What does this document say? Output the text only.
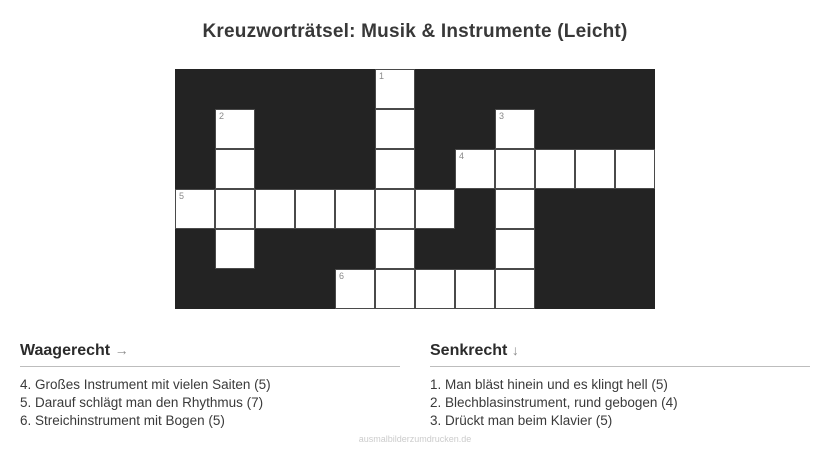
Kreuzworträtsel: Musik & Instrumente (Leicht)
1
2	3
4
5
6
Waagerecht →
4. Großes Instrument mit vielen Saiten (5)
5. Darauf schlägt man den Rhythmus (7)
6. Streichinstrument mit Bogen (5)
Senkrecht ↓
1. Man bläst hinein und es klingt hell (5)
2. Blechblasinstrument, rund gebogen (4)
3. Drückt man beim Klavier (5)
ausmalbilderzumdrucken.de
